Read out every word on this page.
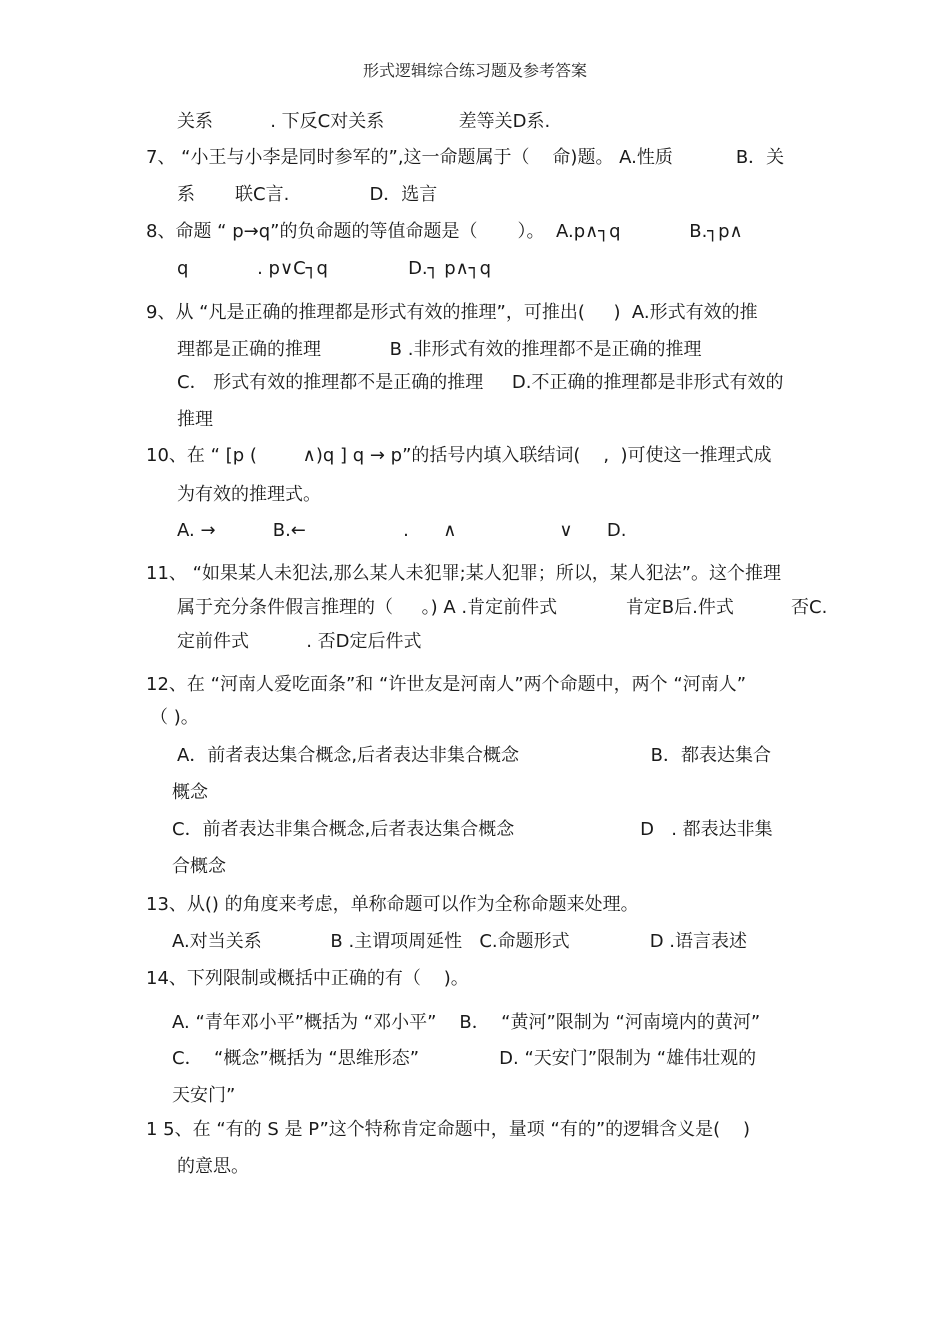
形式逻辑综合练习题及参考答案
关系          . 下反C对关系             差等关D系.
7、 “小王与小李是同时参军的”,这一命题属于（    命)题。 A.性质           B．关
系       联C言.              D．选言
8、命题 “ p→q”的负命题的等值命题是（       ）。  A.p∧┐q            B.┐p∧
q            . p∨C┐q              D.┐ p∧┐q
9、从 “凡是正确的推理都是形式有效的推理”，可推出(     )  A.形式有效的推
理都是正确的推理            B .非形式有效的推理都不是正确的推理
C． 形式有效的推理都不是正确的推理     D.不正确的推理都是非形式有效的
推理
10、在 “ [p (        ∧)q ] q → p”的括号内填入联结词(    ,  )可使这一推理式成
为有效的推理式。
A. →          B.←                 .      ∧                  ∨      D.
11、 “如果某人未犯法,那么某人未犯罪;某人犯罪；所以，某人犯法”。这个推理
属于充分条件假言推理的（     。) A .肯定前件式            肯定B后.件式          否C.
定前件式          . 否D定后件式
12、在 “河南人爱吃面条”和 “许世友是河南人”两个命题中，两个 “河南人”
（ )。
A．前者表达集合概念,后者表达非集合概念                       B．都表达集合
概念
C．前者表达非集合概念,后者表达集合概念                      D   . 都表达非集
合概念
13、从() 的角度来考虑，单称命题可以作为全称命题来处理。
A.对当关系            B .主谓项周延性   C.命题形式              D .语言表述
14、下列限制或概括中正确的有（    )。
A. “青年邓小平”概括为 “邓小平”    B．  “黄河”限制为 “河南境内的黄河”
C．  “概念”概括为 “思维形态”              D. “天安门”限制为 “雄伟壮观的
天安门”
1 5、在 “有的 S 是 P”这个特称肯定命题中，量项 “有的”的逻辑含义是(    )
的意思。
